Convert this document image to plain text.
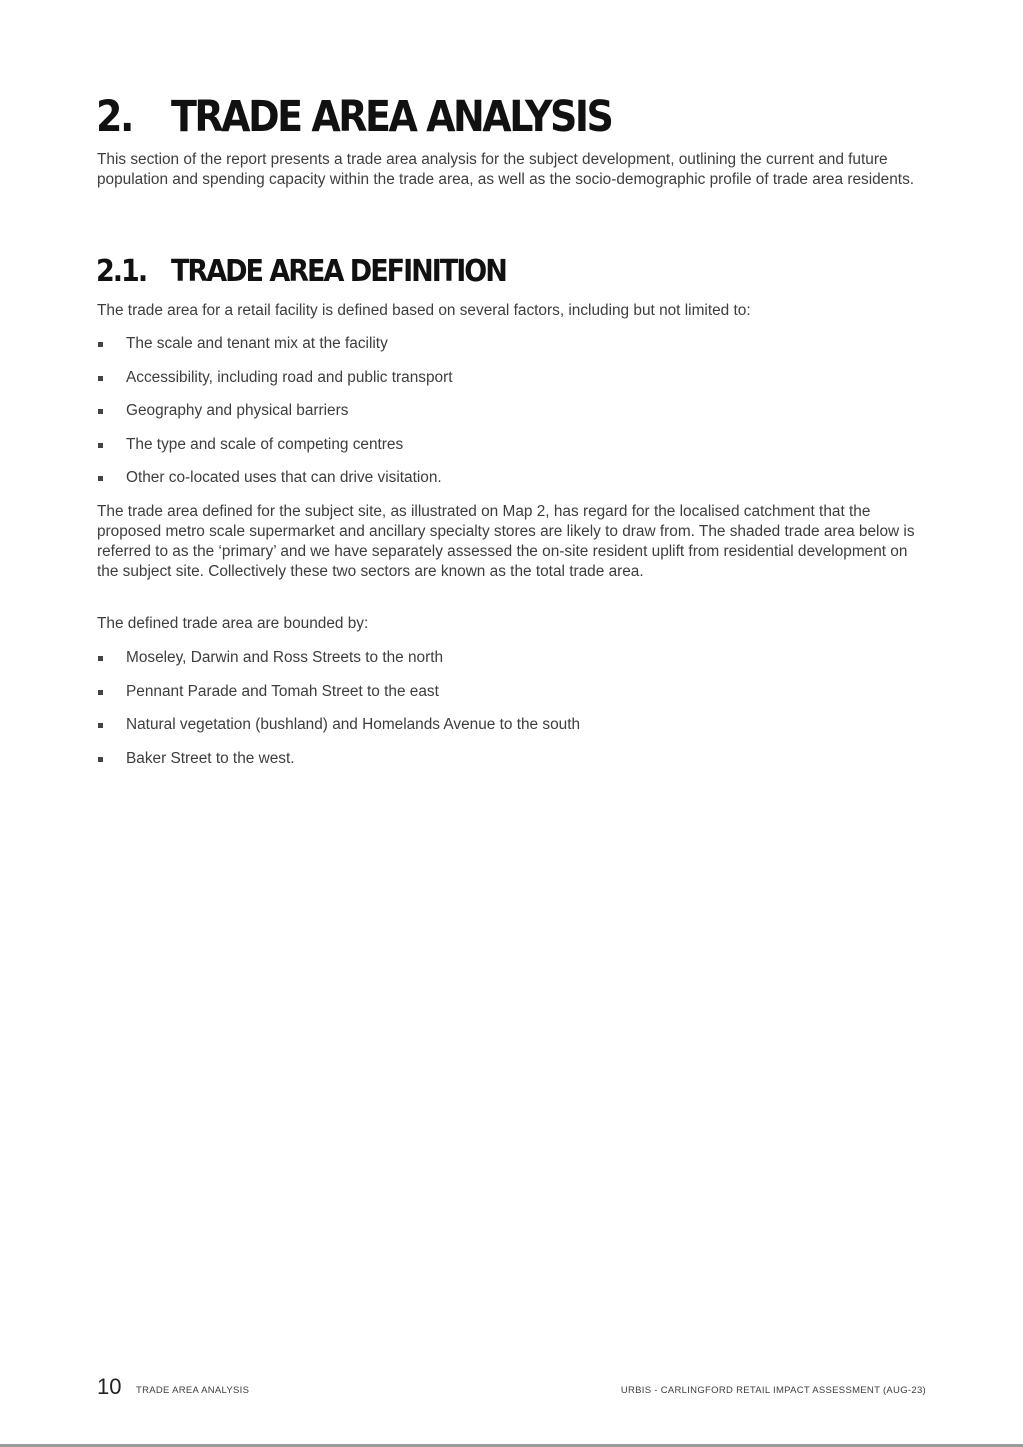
2.	TRADE AREA ANALYSIS

This section of the report presents a trade area analysis for the subject development, outlining the current and future population and spending capacity within the trade area, as well as the socio-demographic profile of trade area residents.

2.1. TRADE AREA DEFINITION

The trade area for a retail facility is defined based on several factors, including but not limited to:

The scale and tenant mix at the facility
Accessibility, including road and public transport
Geography and physical barriers
The type and scale of competing centres
Other co-located uses that can drive visitation.

The trade area defined for the subject site, as illustrated on Map 2, has regard for the localised catchment that the proposed metro scale supermarket and ancillary specialty stores are likely to draw from. The shaded trade area below is referred to as the ‘primary’ and we have separately assessed the on-site resident uplift from residential development on the subject site. Collectively these two sectors are known as the total trade area.

The defined trade area are bounded by:

Moseley, Darwin and Ross Streets to the north
Pennant Parade and Tomah Street to the east
Natural vegetation (bushland) and Homelands Avenue to the south
Baker Street to the west.
10 TRADE AREA ANALYSIS	URBIS - CARLINGFORD RETAIL IMPACT ASSESSMENT (AUG-23)
